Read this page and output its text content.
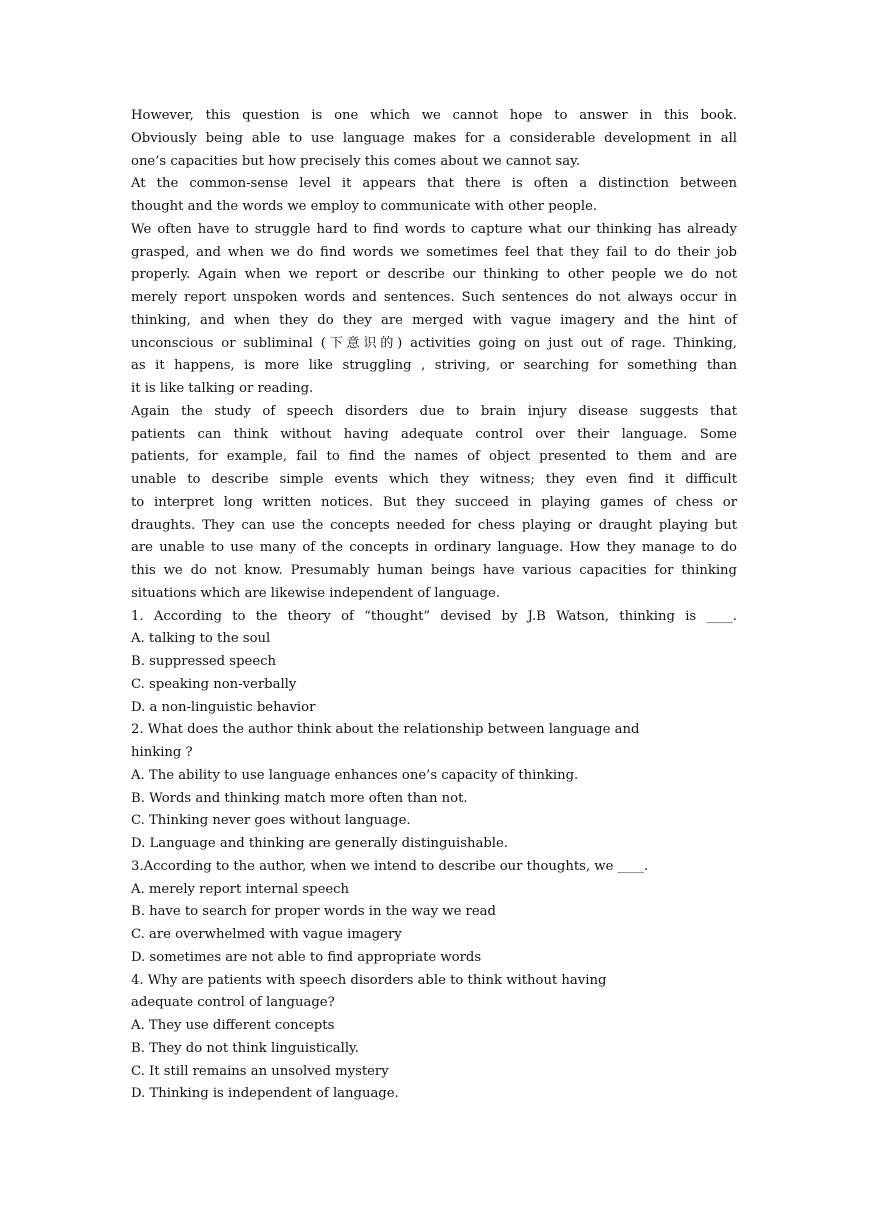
However, this question is one which we cannot hope to answer in this book.
Obviously being able to use language makes for a considerable development in all
one’s capacities but how precisely this comes about we cannot say.
At the common-sense level it appears that there is often a distinction between
thought and the words we employ to communicate with other people.
We often have to struggle hard to find words to capture what our thinking has already
grasped, and when we do find words we sometimes feel that they fail to do their job
properly. Again when we report or describe our thinking to other people we do not
merely report unspoken words and sentences. Such sentences do not always occur in
thinking, and when they do they are merged with vague imagery and the hint of
unconscious or subliminal (下意识的) activities going on just out of rage. Thinking,
as it happens, is more like struggling , striving, or searching for something than
it is like talking or reading.
Again the study of speech disorders due to brain injury disease suggests that
patients can think without having adequate control over their language. Some
patients, for example, fail to find the names of object presented to them and are
unable to describe simple events which they witness; they even find it difficult
to interpret long written notices. But they succeed in playing games of chess or
draughts. They can use the concepts needed for chess playing or draught playing but
are unable to use many of the concepts in ordinary language. How they manage to do
this we do not know. Presumably human beings have various capacities for thinking
situations which are likewise independent of language.
1. According to the theory of “thought” devised by J.B Watson, thinking is ____.
A. talking to the soul
B. suppressed speech
C. speaking non-verbally
D. a non-linguistic behavior
2. What does the author think about the relationship between language and
hinking ?
A. The ability to use language enhances one’s capacity of thinking.
B. Words and thinking match more often than not.
C. Thinking never goes without language.
D. Language and thinking are generally distinguishable.
3.According to the author, when we intend to describe our thoughts, we ____.
A. merely report internal speech
B. have to search for proper words in the way we read
C. are overwhelmed with vague imagery
D. sometimes are not able to find appropriate words
4. Why are patients with speech disorders able to think without having
adequate control of language?
A. They use different concepts
B. They do not think linguistically.
C. It still remains an unsolved mystery
D. Thinking is independent of language.
